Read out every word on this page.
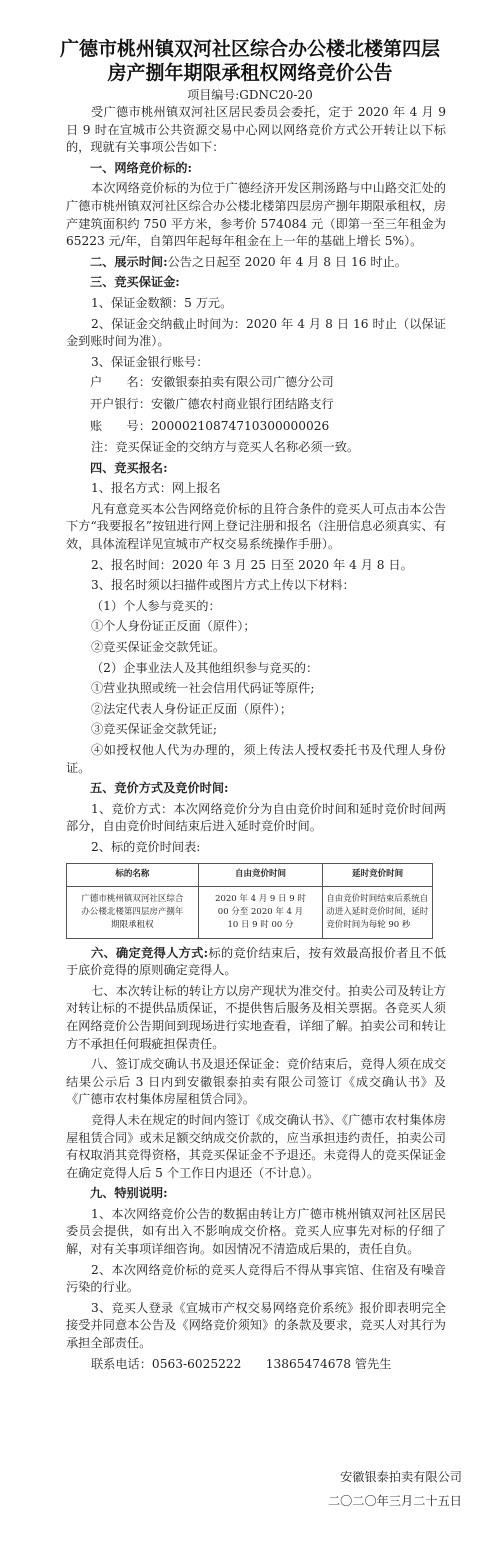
广德市桃州镇双河社区综合办公楼北楼第四层
房产捌年期限承租权网络竞价公告
项目编号:GDNC20-20

受广德市桃州镇双河社区居民委员会委托，定于 2020 年 4 月 9 日 9 时在宣城市公共资源交易中心网以网络竞价方式公开转让以下标的，现就有关事项公告如下：

一、网络竞价标的:

本次网络竞价标的为位于广德经济开发区荆汤路与中山路交汇处的广德市桃州镇双河社区综合办公楼北楼第四层房产捌年期限承租权，房产建筑面积约 750 平方米，参考价 574084 元（即第一至三年租金为 65223 元/年，自第四年起每年租金在上一年的基础上增长 5%）。

二、展示时间:公告之日起至 2020 年 4 月 8 日 16 时止。
三、竞买保证金:

1、保证金数额：5 万元。

2、保证金交纳截止时间为：2020 年 4 月 8 日 16 时止（以保证金到账时间为准）。

3、保证金银行账号：

户　　名：安徽银泰拍卖有限公司广德分公司
开户银行：安徽广德农村商业银行团结路支行
账　　号：20000210874710300000026

注：竞买保证金的交纳方与竞买人名称必须一致。

四、竞买报名:

1、报名方式：网上报名

凡有意竞买本公告网络竞价标的且符合条件的竞买人可点击本公告下方“我要报名”按钮进行网上登记注册和报名（注册信息必须真实、有效，具体流程详见宣城市产权交易系统操作手册）。

2、报名时间：2020 年 3 月 25 日至 2020 年 4 月 8 日。

3、报名时须以扫描件或图片方式上传以下材料：

（1）个人参与竞买的：

①个人身份证正反面（原件）；

②竞买保证金交款凭证。

（2）企事业法人及其他组织参与竞买的：

①营业执照或统一社会信用代码证等原件;

②法定代表人身份证正反面（原件）；

③竞买保证金交款凭证;

④如授权他人代为办理的，须上传法人授权委托书及代理人身份证。

五、竞价方式及竞价时间:

1、竞价方式：本次网络竞价分为自由竞价时间和延时竞价时间两部分，自由竞价时间结束后进入延时竞价时间。

2、标的竞价时间表:

标的名称	自由竞价时间	延时竞价时间
广德市桃州镇双河社区综合办公楼北楼第四层房产捌年期限承租权	2020 年 4 月 9 日 9 时 00 分至 2020 年 4 月 10 日 9 时 00 分	自由竞价时间结束后系统自动进入延时竞价时间，延时竞价时间为每轮 90 秒

六、确定竞得人方式:标的竞价结束后，按有效最高报价者且不低于底价竞得的原则确定竞得人。

七、本次转让标的转让方以房产现状为准交付。拍卖公司及转让方对转让标的不提供品质保证，不提供售后服务及相关票据。各竞买人须在网络竞价公告期间到现场进行实地查看，详细了解。拍卖公司和转让方不承担任何瑕疵担保责任。

八、签订成交确认书及退还保证金：竞价结束后，竞得人须在成交结果公示后 3 日内到安徽银泰拍卖有限公司签订《成交确认书》及《广德市农村集体房屋租赁合同》。

竞得人未在规定的时间内签订《成交确认书》、《广德市农村集体房屋租赁合同》或未足额交纳成交价款的，应当承担违约责任，拍卖公司有权取消其竞得资格，其竞买保证金不予退还。未竞得人的竞买保证金在确定竞得人后 5 个工作日内退还（不计息）。

九、特别说明:

1、本次网络竞价公告的数据由转让方广德市桃州镇双河社区居民委员会提供，如有出入不影响成交价格。竞买人应事先对标的仔细了解，对有关事项详细咨询。如因情况不清造成后果的，责任自负。

2、本次网络竞价标的竞买人竞得后不得从事宾馆、住宿及有噪音污染的行业。

3、竞买人登录《宣城市产权交易网络竞价系统》报价即表明完全接受并同意本公告及《网络竞价须知》的条款及要求，竞买人对其行为承担全部责任。

联系电话：0563-6025222　　13865474678 管先生

安徽银泰拍卖有限公司
二〇二〇年三月二十五日
